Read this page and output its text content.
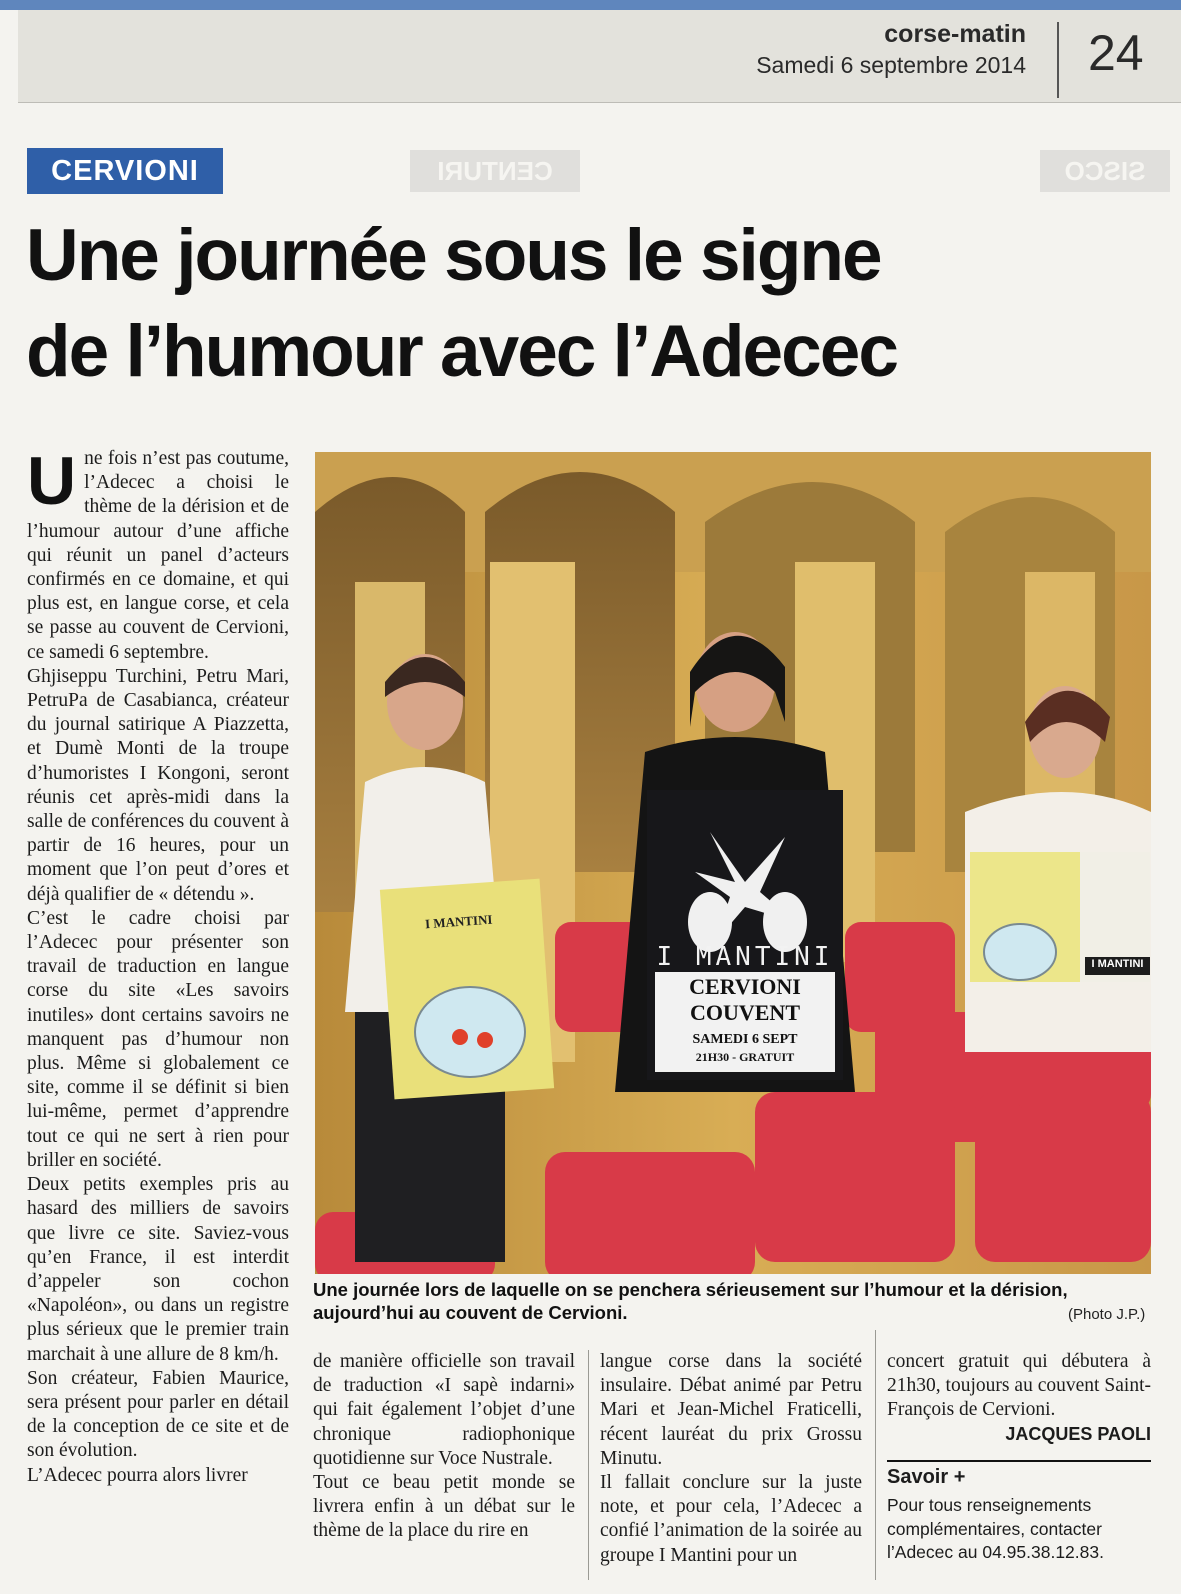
corse-matin
Samedi 6 septembre 2014 24
CENTURI	SISCO
CERVIONI
Une journée sous le signe
de l’humour avec l’Adecec
U ne fois n’est pas coutume, l’Adecec a choisi le thème de la dérision et de l’humour autour d’une affiche qui réunit un panel d’acteurs confirmés en ce domaine, et qui plus est, en langue corse, et cela se passe au couvent de Cervioni, ce samedi 6 septembre.

Ghjiseppu Turchini, Petru Mari, PetruPa de Casabianca, créateur du journal satirique A Piazzetta, et Dumè Monti de la troupe d’humoristes I Kongoni, seront réunis cet après-midi dans la salle de conférences du couvent à partir de 16 heures, pour un moment que l’on peut d’ores et déjà qualifier de « détendu ».

C’est le cadre choisi par l’Adecec pour présenter son travail de traduction en langue corse du site «Les savoirs inutiles» dont certains savoirs ne manquent pas d’humour non plus. Même si globalement ce site, comme il se définit si bien lui-même, permet d’apprendre tout ce qui ne sert à rien pour briller en société.

Deux petits exemples pris au hasard des milliers de savoirs que livre ce site. Saviez-vous qu’en France, il est interdit d’appeler son cochon «Napoléon», ou dans un registre plus sérieux que le premier train marchait à une allure de 8 km/h.

Son créateur, Fabien Maurice, sera présent pour parler en détail de la conception de ce site et de son évolution.

L’Adecec pourra alors livrer

I MANTINI
I MANTINI
CERVIONI
COUVENT
SAMEDI 6 SEPT
21H30 - GRATUIT
I MANTINI
Une journée lors de laquelle on se penchera sérieusement sur l’humour et la dérision, aujourd’hui au couvent de Cervioni.	(Photo J.P.)

de manière officielle son travail de traduction «I sapè indarni» qui fait également l’objet d’une chronique radiophonique quotidienne sur Voce Nustrale.

Tout ce beau petit monde se livrera enfin à un débat sur le thème de la place du rire en

langue corse dans la société insulaire. Débat animé par Petru Mari et Jean-Michel Fraticelli, récent lauréat du prix Grossu Minutu.

Il fallait conclure sur la juste note, et pour cela, l’Adecec a confié l’animation de la soirée au groupe I Mantini pour un

concert gratuit qui débutera à 21h30, toujours au couvent Saint-François de Cervioni.

JACQUES PAOLI
Savoir +
Pour tous renseignements complémentaires, contacter l’Adecec au 04.95.38.12.83.
